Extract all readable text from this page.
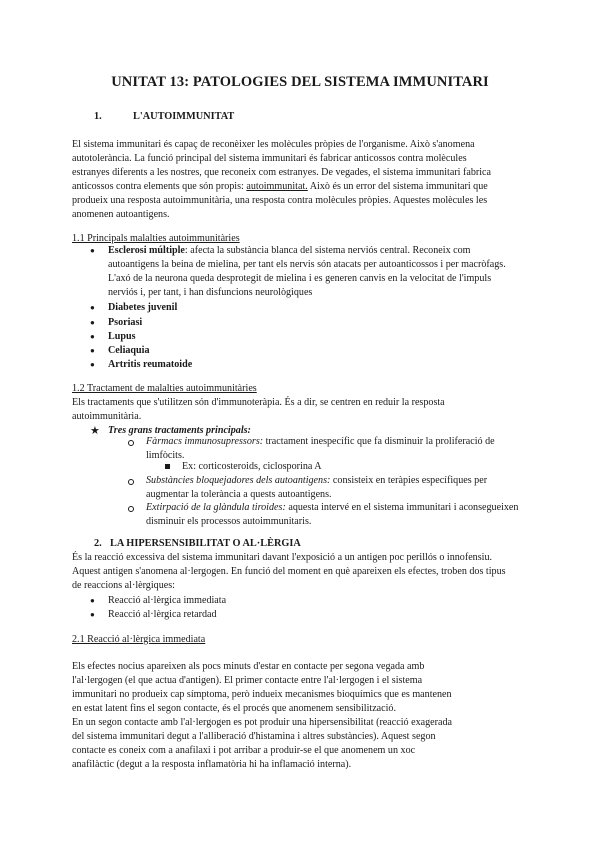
UNITAT 13: PATOLOGIES DEL SISTEMA IMMUNITARI
1.	L'AUTOIMMUNITAT
El sistema immunitari és capaç de reconèixer les molècules pròpies de l'organisme. Això s'anomena
autotolerància. La funció principal del sistema immunitari és fabricar anticossos contra molècules
estranyes diferents a les nostres, que reconeix com estranyes. De vegades, el sistema immunitari fabrica
anticossos contra elements que són propis: autoimmunitat. Això és un error del sistema immunitari que
produeix una resposta autoimmunitària, una resposta contra molècules pròpies. Aquestes molècules les
anomenen autoantigens.
1.1 Principals malalties autoimmunitàries
● Esclerosi múltiple: afecta la substància blanca del sistema nerviós central. Reconeix com
autoantigens la beina de mielina, per tant els nervis són atacats per autoanticossos i per macròfags.
L'axó de la neurona queda desprotegit de mielina i es generen canvis en la velocitat de l'impuls
nerviós i, per tant, i han disfuncions neurològiques
● Diabetes juvenil
● Psoriasi
● Lupus
● Celiaquia
● Artritis reumatoide
1.2 Tractament de malalties autoimmunitàries
Els tractaments que s'utilitzen són d'immunoteràpia. És a dir, se centren en reduir la resposta
autoimmunitària.
★ Tres grans tractaments principals:
Fàrmacs immunosupressors: tractament inespecífic que fa disminuir la proliferació de
limfòcits.
Ex: corticosteroids, ciclosporina A
Substàncies bloquejadores dels autoantigens: consisteix en teràpies específiques per
augmentar la tolerància a quests autoantigens.
Extirpació de la glàndula tiroides: aquesta intervé en el sistema immunitari i aconsegueixen
disminuir els processos autoimmunitaris.
2. LA HIPERSENSIBILITAT O AL·LÈRGIA
És la reacció excessiva del sistema immunitari davant l'exposició a un antigen poc perillós o innofensiu.
Aquest antigen s'anomena al·lergogen. En funció del moment en què apareixen els efectes, troben dos tipus
de reaccions al·lèrgiques:
● Reacció al·lèrgica immediata
● Reacció al·lèrgica retardad
2.1 Reacció al·lèrgica immediata
Els efectes nocius apareixen als pocs minuts d'estar en contacte per segona vegada amb
l'al·lergogen (el que actua d'antigen). El primer contacte entre l'al·lergogen i el sistema
immunitari no produeix cap símptoma, però indueix mecanismes bioquímics que es mantenen
en estat latent fins el segon contacte, és el procés que anomenem sensibilització.
En un segon contacte amb l'al·lergogen es pot produir una hipersensibilitat (reacció exagerada
del sistema immunitari degut a l'alliberació d'histamina i altres substàncies). Aquest segon
contacte es coneix com a anafilaxi i pot arribar a produir-se el que anomenem un xoc
anafilàctic (degut a la resposta inflamatòria hi ha inflamació interna).
